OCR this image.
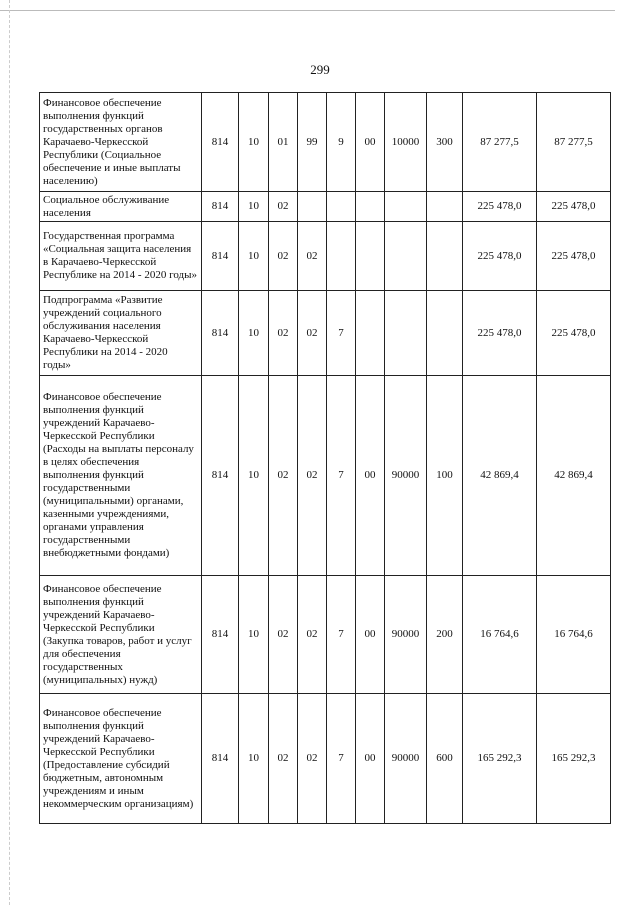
299
Финансовое обеспечение выполнения функций государственных органов Карачаево-Черкесской Республики (Социальное обеспечение и иные выплаты населению)	814	10	01	99	9	00	10000	300	87 277,5	87 277,5
Социальное обслуживание населения	814	10	02						225 478,0	225 478,0
Государственная программа «Социальная защита населения в Карачаево-Черкесской Республике на 2014 - 2020 годы»	814	10	02	02					225 478,0	225 478,0
Подпрограмма «Развитие учреждений социального обслуживания населения Карачаево-Черкесской Республики на 2014 - 2020 годы»	814	10	02	02	7				225 478,0	225 478,0
Финансовое обеспечение выполнения функций учреждений Карачаево-Черкесской Республики (Расходы на выплаты персоналу в целях обеспечения выполнения функций государственными (муниципальными) органами, казенными учреждениями, органами управления государственными внебюджетными фондами)	814	10	02	02	7	00	90000	100	42 869,4	42 869,4
Финансовое обеспечение выполнения функций учреждений Карачаево-Черкесской Республики (Закупка товаров, работ и услуг для обеспечения государственных (муниципальных) нужд)	814	10	02	02	7	00	90000	200	16 764,6	16 764,6
Финансовое обеспечение выполнения функций учреждений Карачаево-Черкесской Республики (Предоставление субсидий бюджетным, автономным учреждениям и иным некоммерческим организациям)	814	10	02	02	7	00	90000	600	165 292,3	165 292,3
